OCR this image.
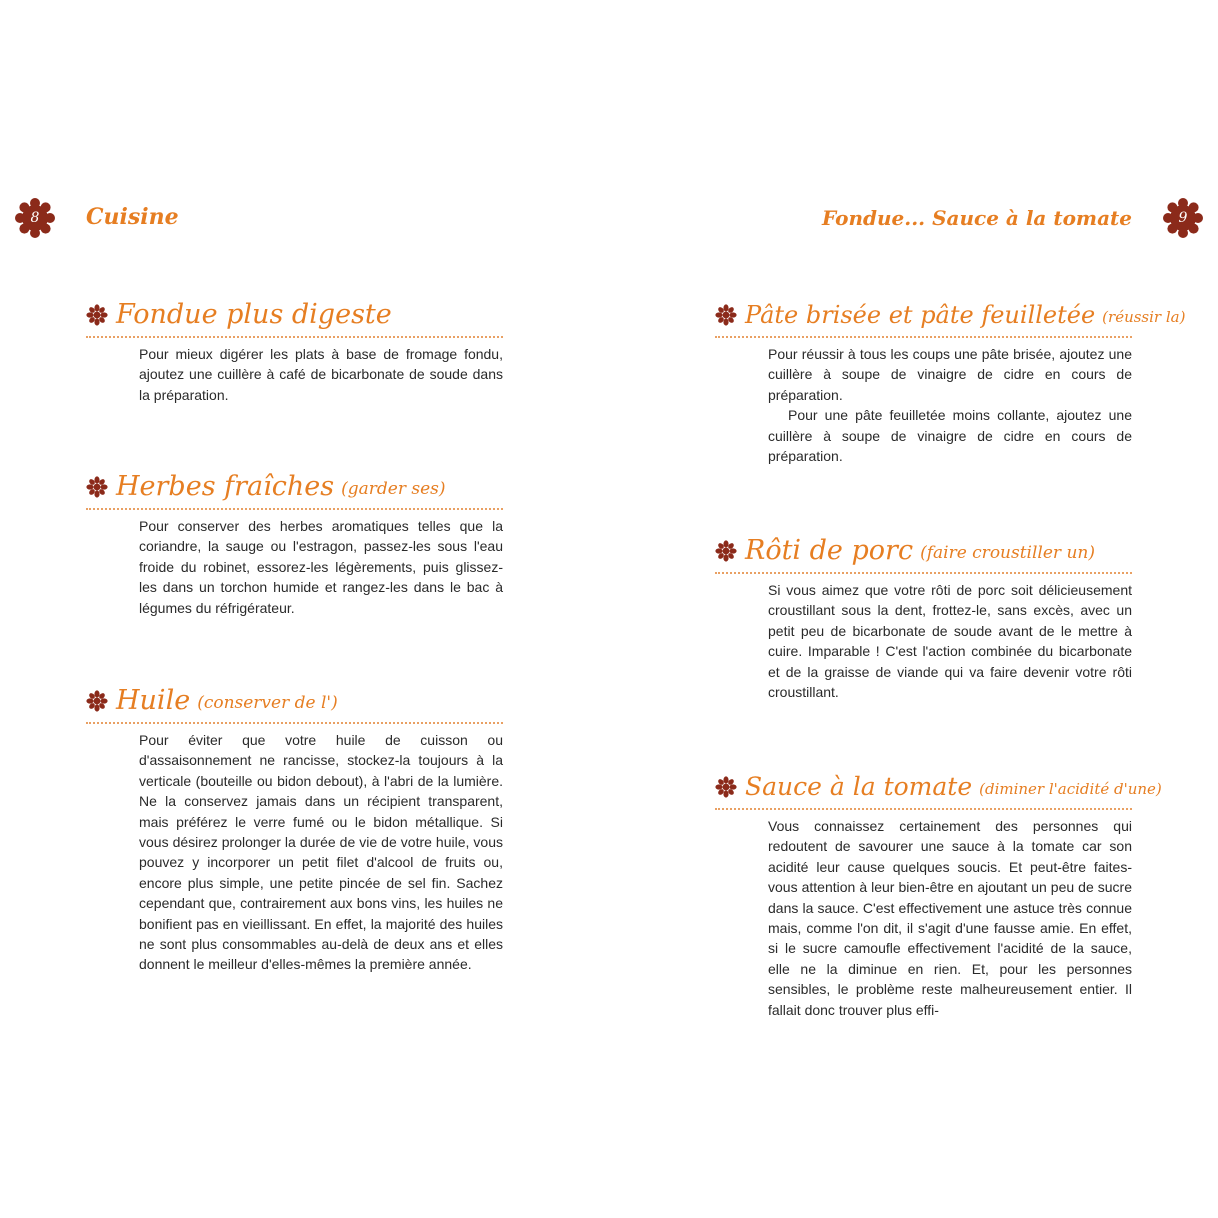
8	Cuisine
Fondue plus digeste

Pour mieux digérer les plats à base de fromage fondu, ajoutez une cuillère à café de bicarbonate de soude dans la préparation.

Herbes fraîches (garder ses)

Pour conserver des herbes aromatiques telles que la coriandre, la sauge ou l'estragon, passez-les sous l'eau froide du robinet, essorez-les légèrements, puis glissez-les dans un torchon humide et rangez-les dans le bac à légumes du réfrigérateur.

Huile (conserver de l')

Pour éviter que votre huile de cuisson ou d'assaisonnement ne rancisse, stockez-la toujours à la verticale (bouteille ou bidon debout), à l'abri de la lumière. Ne la conservez jamais dans un récipient transparent, mais préférez le verre fumé ou le bidon métallique. Si vous désirez prolonger la durée de vie de votre huile, vous pouvez y incorporer un petit filet d'alcool de fruits ou, encore plus simple, une petite pincée de sel fin. Sachez cependant que, contrairement aux bons vins, les huiles ne bonifient pas en vieillissant. En effet, la majorité des huiles ne sont plus consommables au-delà de deux ans et elles donnent le meilleur d'elles-mêmes la première année.

Fondue... Sauce à la tomate	9
Pâte brisée et pâte feuilletée (réussir la)

Pour réussir à tous les coups une pâte brisée, ajoutez une cuillère à soupe de vinaigre de cidre en cours de préparation.

Pour une pâte feuilletée moins collante, ajoutez une cuillère à soupe de vinaigre de cidre en cours de préparation.

Rôti de porc (faire croustiller un)

Si vous aimez que votre rôti de porc soit délicieusement croustillant sous la dent, frottez-le, sans excès, avec un petit peu de bicarbonate de soude avant de le mettre à cuire. Imparable ! C'est l'action combinée du bicarbonate et de la graisse de viande qui va faire devenir votre rôti croustillant.

Sauce à la tomate (diminer l'acidité d'une)

Vous connaissez certainement des personnes qui redoutent de savourer une sauce à la tomate car son acidité leur cause quelques soucis. Et peut-être faites-vous attention à leur bien-être en ajoutant un peu de sucre dans la sauce. C'est effectivement une astuce très connue mais, comme l'on dit, il s'agit d'une fausse amie. En effet, si le sucre camoufle effectivement l'acidité de la sauce, elle ne la diminue en rien. Et, pour les personnes sensibles, le problème reste malheureusement entier. Il fallait donc trouver plus effi-
